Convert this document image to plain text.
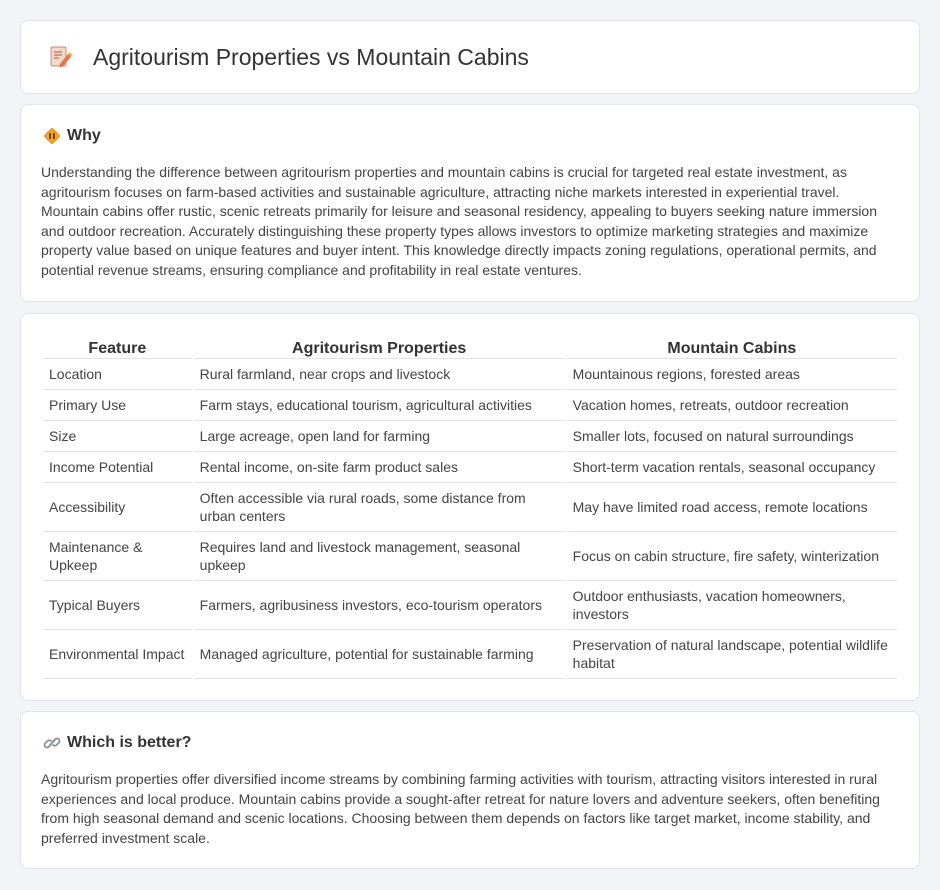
Agritourism Properties vs Mountain Cabins
Why

Understanding the difference between agritourism properties and mountain cabins is crucial for targeted real estate investment, as agritourism focuses on farm-based activities and sustainable agriculture, attracting niche markets interested in experiential travel. Mountain cabins offer rustic, scenic retreats primarily for leisure and seasonal residency, appealing to buyers seeking nature immersion and outdoor recreation. Accurately distinguishing these property types allows investors to optimize marketing strategies and maximize property value based on unique features and buyer intent. This knowledge directly impacts zoning regulations, operational permits, and potential revenue streams, ensuring compliance and profitability in real estate ventures.

Feature	Agritourism Properties	Mountain Cabins
Location	Rural farmland, near crops and livestock	Mountainous regions, forested areas
Primary Use	Farm stays, educational tourism, agricultural activities	Vacation homes, retreats, outdoor recreation
Size	Large acreage, open land for farming	Smaller lots, focused on natural surroundings
Income Potential	Rental income, on-site farm product sales	Short-term vacation rentals, seasonal occupancy
Accessibility	Often accessible via rural roads, some distance from urban centers	May have limited road access, remote locations
Maintenance & Upkeep	Requires land and livestock management, seasonal upkeep	Focus on cabin structure, fire safety, winterization
Typical Buyers	Farmers, agribusiness investors, eco-tourism operators	Outdoor enthusiasts, vacation homeowners, investors
Environmental Impact	Managed agriculture, potential for sustainable farming	Preservation of natural landscape, potential wildlife habitat
Which is better?

Agritourism properties offer diversified income streams by combining farming activities with tourism, attracting visitors interested in rural experiences and local produce. Mountain cabins provide a sought-after retreat for nature lovers and adventure seekers, often benefiting from high seasonal demand and scenic locations. Choosing between them depends on factors like target market, income stability, and preferred investment scale.
